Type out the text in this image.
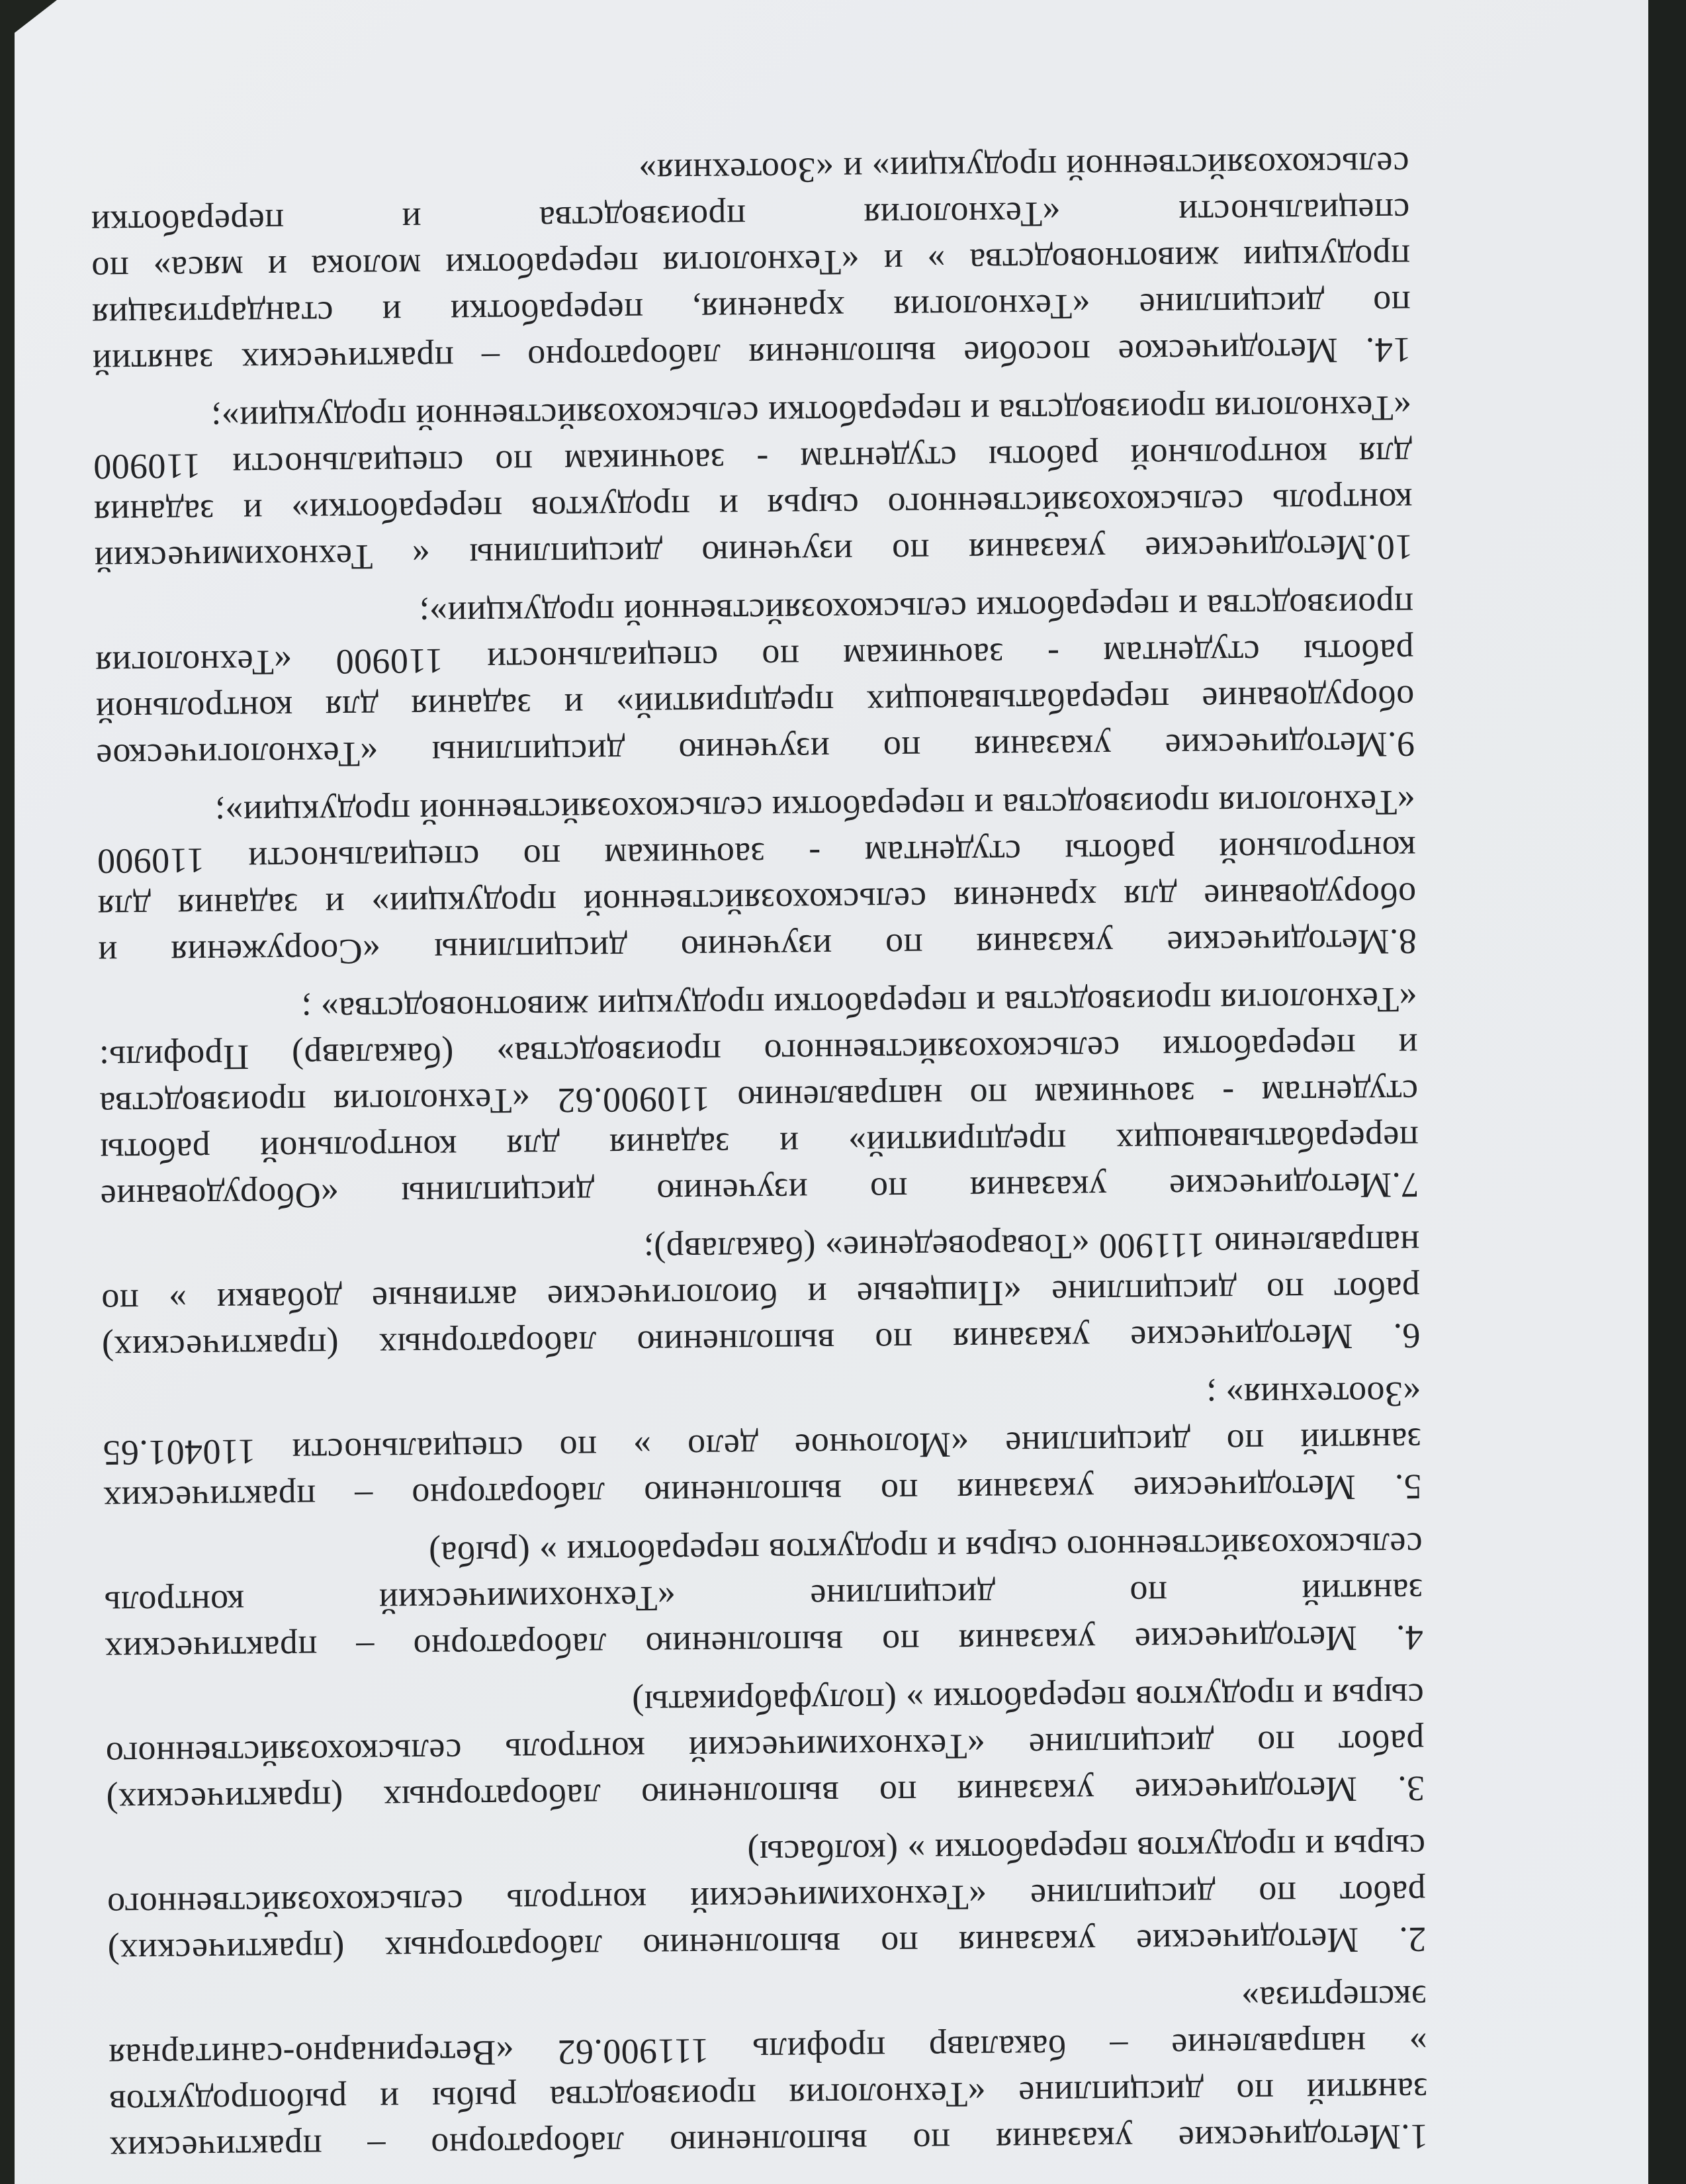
1.Методические указания по выполнению лабораторно – практических
занятий по дисциплине «Технология производства рыбы и рыбопродуктов
» направление – бакалавр профиль 111900.62 «Ветеринарно-санитарная
экспертиза»
2. Методические указания по выполнению лабораторных (практических)
работ по дисциплине «Технохимический контроль сельскохозяйственного
сырья и продуктов переработки » (колбасы)
3. Методические указания по выполнению лабораторных (практических)
работ по дисциплине «Технохимический контроль сельскохозяйственного
сырья и продуктов переработки » (полуфабрикаты)
4. Методические указания по выполнению лабораторно – практических
занятий по дисциплине «Технохимический контроль
сельскохозяйственного сырья и продуктов переработки » (рыба)
5. Методические указания по выполнению лабораторно – практических
занятий по дисциплине «Молочное дело » по специальности 110401.65
«Зоотехния» ;
6. Методические указания по выполнению лабораторных (практических)
работ по дисциплине «Пищевые и биологические активные добавки » по
направлению 111900 «Товароведение» (бакалавр);
7.Методические указания по изучению дисциплины «Оборудование
перерабатывающих предприятий» и задания для контрольной работы
студентам - заочникам по направлению 110900.62 «Технология производства
и переработки сельскохозяйственного производства» (бакалавр) Профиль:
«Технология производства и переработки продукции животноводства» ;
8.Методические указания по изучению дисциплины «Сооружения и
оборудование для хранения сельскохозяйственной продукции» и задания для
контрольной работы студентам - заочникам по специальности 110900
«Технология производства и переработки сельскохозяйственной продукции»;
9.Методические указания по изучению дисциплины «Технологическое
оборудование перерабатывающих предприятий» и задания для контрольной
работы студентам - заочникам по специальности 110900 «Технология
производства и переработки сельскохозяйственной продукции»;
10.Методические указания по изучению дисциплины « Технохимический
контроль сельскохозяйственного сырья и продуктов переработки» и задания
для контрольной работы студентам - заочникам по специальности 110900
«Технология производства и переработки сельскохозяйственной продукции»;
14. Методическое пособие выполнения лабораторно – практических занятий
по дисциплине «Технология хранения, переработки и стандартизация
продукции животноводства » и «Технология переработки молока и мяса» по
специальности «Технология производства и переработки
сельскохозяйственной продукции» и «Зоотехния»
